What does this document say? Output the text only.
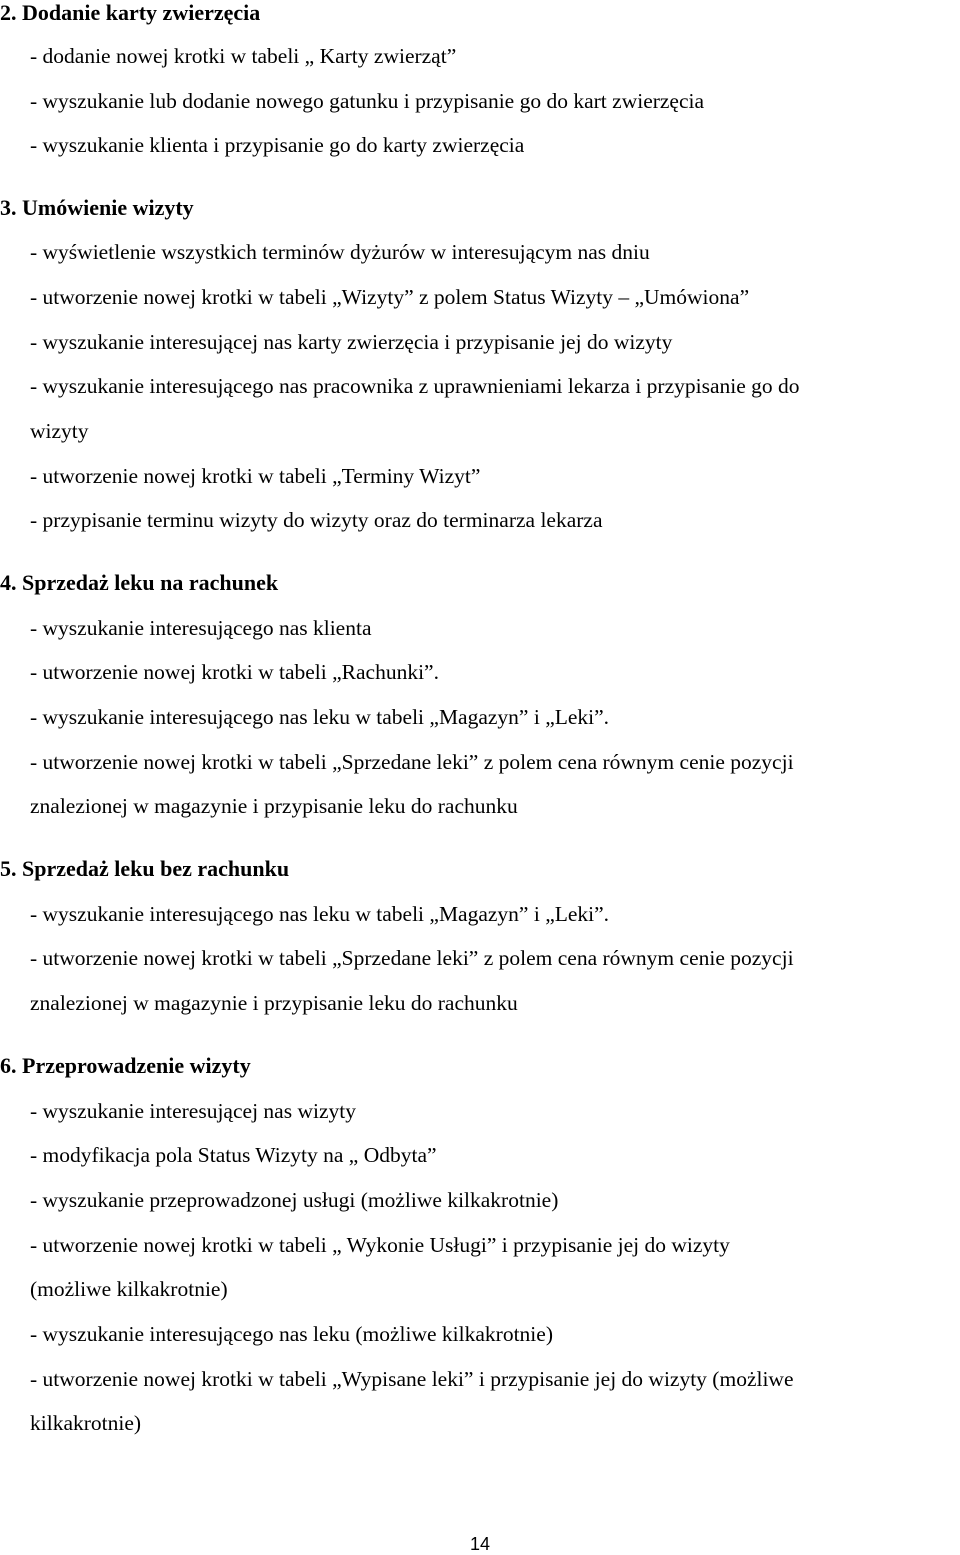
2. Dodanie karty zwierzęcia
- dodanie nowej krotki w tabeli „ Karty zwierząt”
- wyszukanie lub dodanie nowego gatunku i przypisanie go do kart zwierzęcia
- wyszukanie klienta i przypisanie go do karty zwierzęcia
3. Umówienie wizyty
- wyświetlenie wszystkich terminów dyżurów w interesującym nas dniu
- utworzenie nowej krotki w tabeli „Wizyty” z polem Status Wizyty – „Umówiona”
- wyszukanie interesującej nas karty zwierzęcia i przypisanie jej do wizyty
- wyszukanie interesującego nas pracownika z uprawnieniami lekarza i przypisanie go do
wizyty
- utworzenie nowej krotki w tabeli „Terminy Wizyt”
- przypisanie terminu wizyty do wizyty oraz do terminarza lekarza
4. Sprzedaż leku na rachunek
- wyszukanie interesującego nas klienta
- utworzenie nowej krotki w tabeli „Rachunki”.
- wyszukanie interesującego nas leku w tabeli „Magazyn” i „Leki”.
- utworzenie nowej krotki w tabeli „Sprzedane leki” z polem cena równym cenie pozycji
znalezionej w magazynie i przypisanie leku do rachunku
5. Sprzedaż leku bez rachunku
- wyszukanie interesującego nas leku w tabeli „Magazyn” i „Leki”.
- utworzenie nowej krotki w tabeli „Sprzedane leki” z polem cena równym cenie pozycji
znalezionej w magazynie i przypisanie leku do rachunku
6. Przeprowadzenie wizyty
- wyszukanie interesującej nas wizyty
- modyfikacja pola Status Wizyty na „ Odbyta”
- wyszukanie przeprowadzonej usługi (możliwe kilkakrotnie)
- utworzenie nowej krotki w tabeli „ Wykonie Usługi” i przypisanie jej do wizyty
(możliwe kilkakrotnie)
- wyszukanie interesującego nas leku (możliwe kilkakrotnie)
- utworzenie nowej krotki w tabeli „Wypisane leki” i przypisanie jej do wizyty (możliwe
kilkakrotnie)
14
